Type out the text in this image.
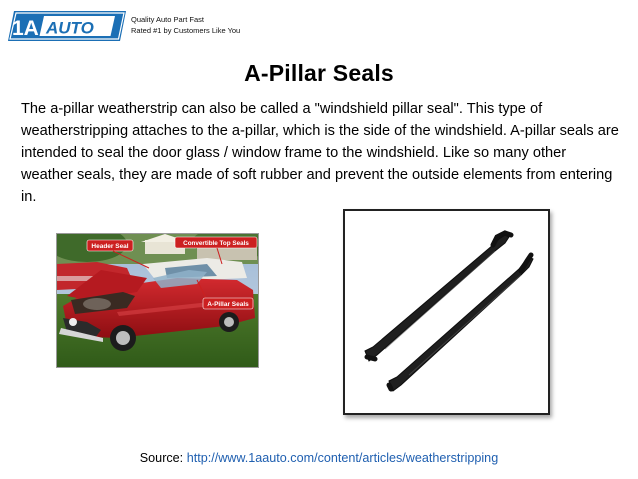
1A AUTO	Quality Auto Part Fast
Rated #1 by Customers Like You
A-Pillar Seals
The a-pillar weatherstrip can also be called a "windshield pillar seal". This type of weatherstripping attaches to the a-pillar, which is the side of the windshield. A-pillar seals are intended to seal the door glass / window frame to the windshield. Like so many other weather seals, they are made of soft rubber and prevent the outside elements from entering in.
Header Seal	Convertible Top Seals
A-Pillar Seals
Source: http://www.1aauto.com/content/articles/weatherstripping
